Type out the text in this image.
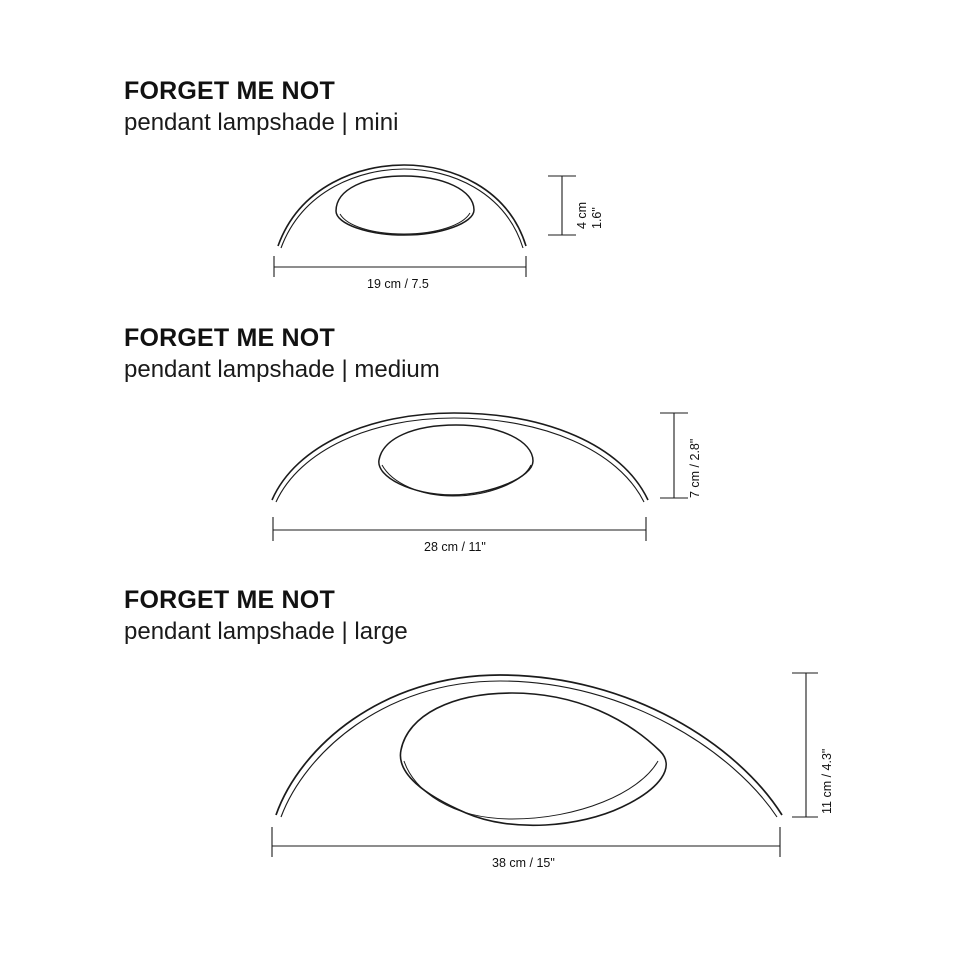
FORGET ME NOT

pendant lampshade | mini

19 cm / 7.5
4 cm 1.6"

FORGET ME NOT

pendant lampshade | medium

28 cm / 11"
7 cm / 2.8"

FORGET ME NOT

pendant lampshade | large

38 cm / 15"
11 cm / 4.3"
